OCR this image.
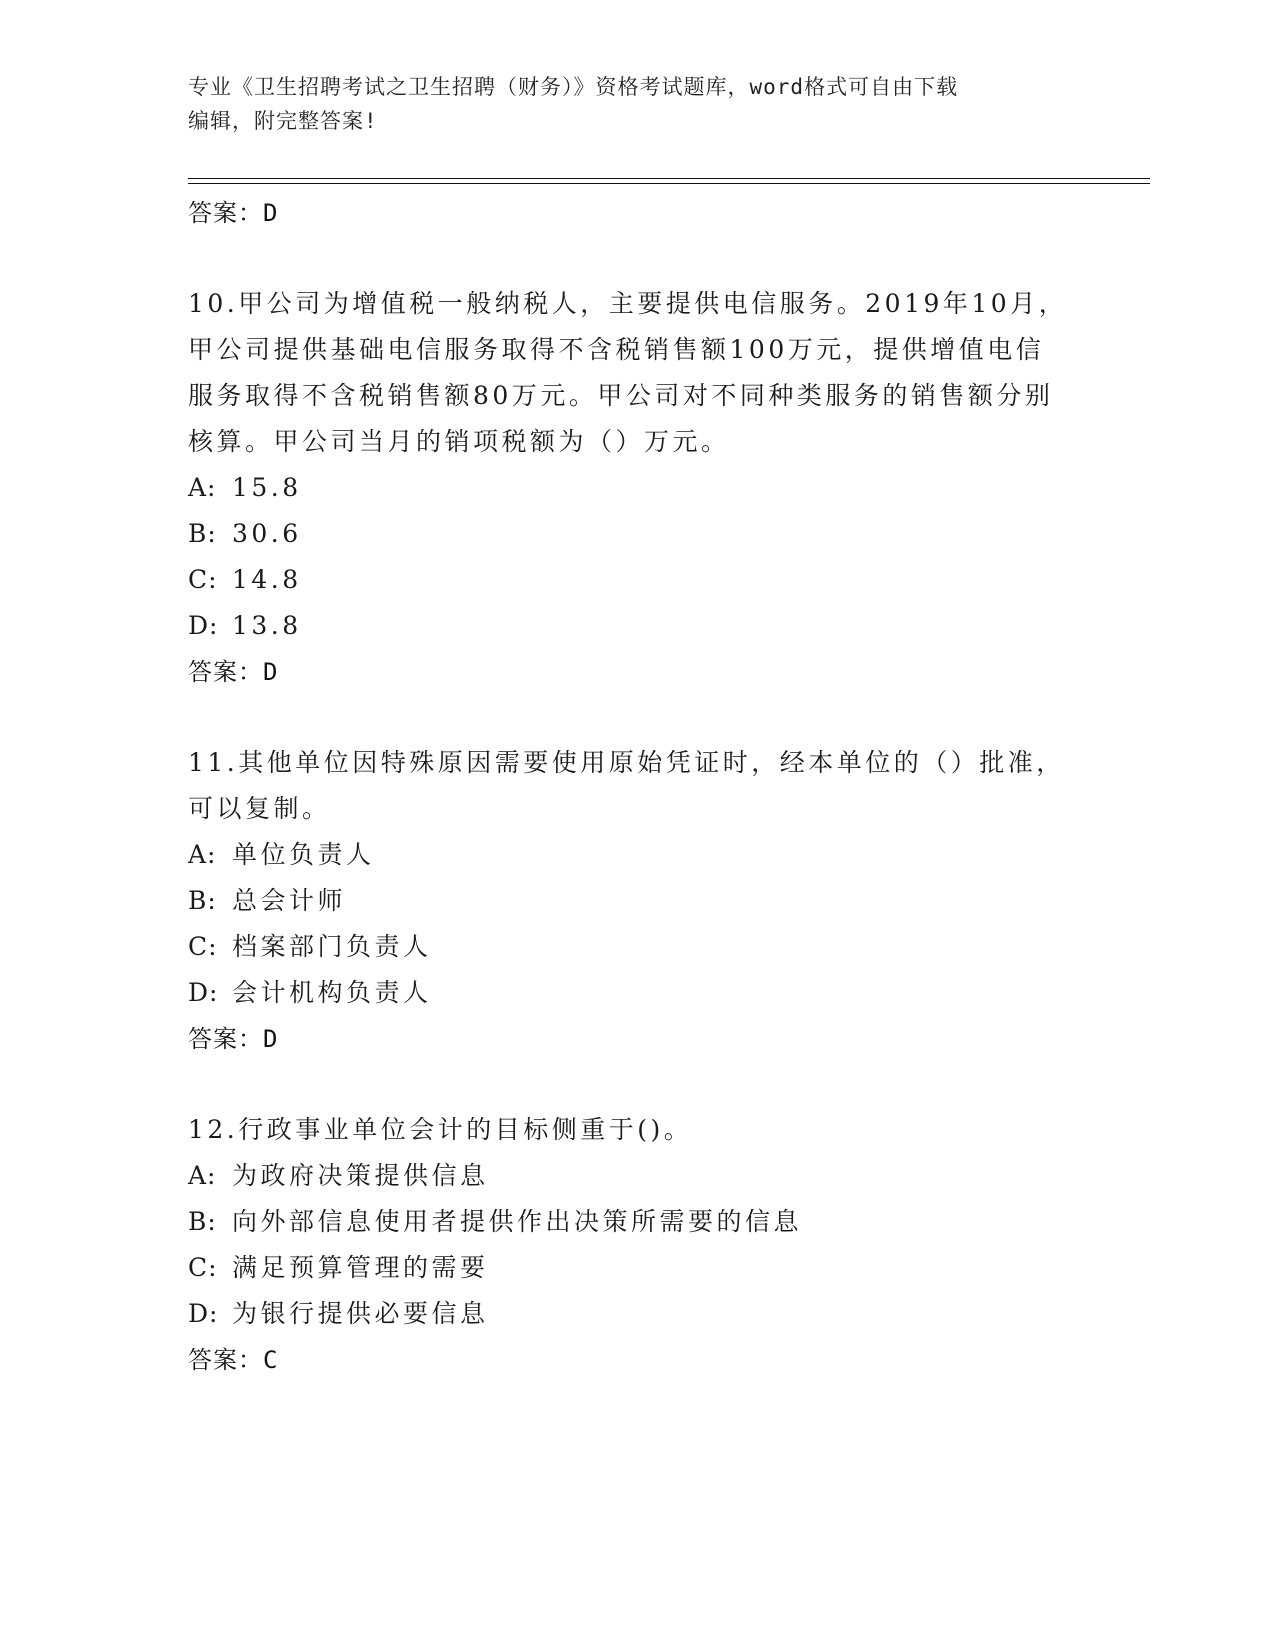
专业《卫生招聘考试之卫生招聘（财务）》资格考试题库，word格式可自由下载
编辑，附完整答案!
答案：D
10.甲公司为增值税一般纳税人，主要提供电信服务。2019年10月，
甲公司提供基础电信服务取得不含税销售额100万元，提供增值电信
服务取得不含税销售额80万元。甲公司对不同种类服务的销售额分别
核算。甲公司当月的销项税额为（）万元。
A: 15.8
B: 30.6
C: 14.8
D: 13.8
答案：D
11.其他单位因特殊原因需要使用原始凭证时，经本单位的（）批准，
可以复制。
A: 单位负责人
B: 总会计师
C: 档案部门负责人
D: 会计机构负责人
答案：D
12.行政事业单位会计的目标侧重于()。
A: 为政府决策提供信息
B: 向外部信息使用者提供作出决策所需要的信息
C: 满足预算管理的需要
D: 为银行提供必要信息
答案：C
